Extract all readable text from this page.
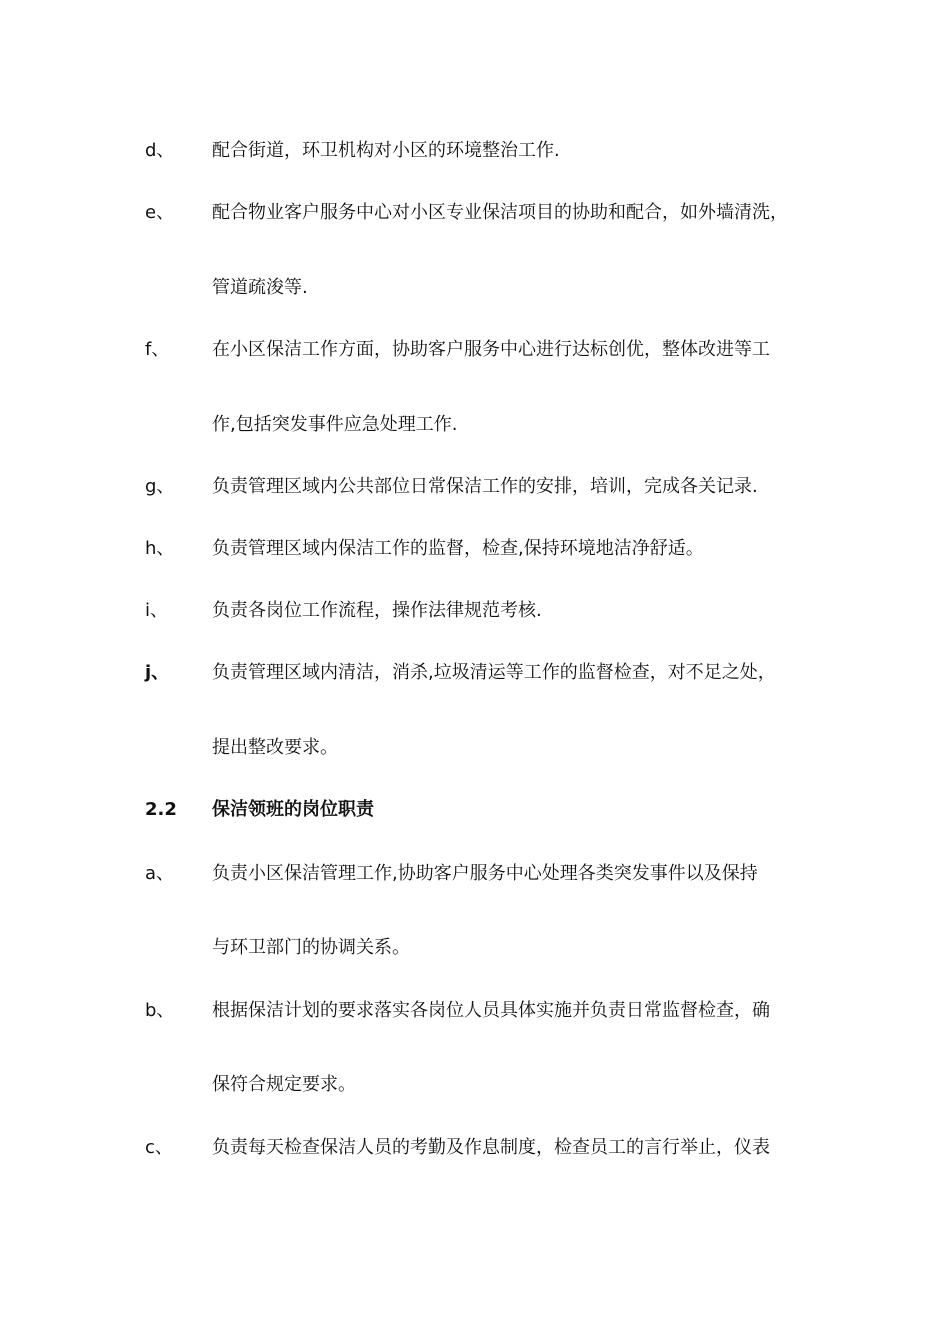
d、 配合街道，环卫机构对小区的环境整治工作.
e、 配合物业客户服务中心对小区专业保洁项目的协助和配合，如外墙清洗，
管道疏浚等.
f、 在小区保洁工作方面，协助客户服务中心进行达标创优，整体改进等工
作,包括突发事件应急处理工作.
g、 负责管理区域内公共部位日常保洁工作的安排，培训，完成各关记录.
h、 负责管理区域内保洁工作的监督，检查,保持环境地洁净舒适。
i、 负责各岗位工作流程，操作法律规范考核.
j、 负责管理区域内清洁，消杀,垃圾清运等工作的监督检查，对不足之处，
提出整改要求。
2.2 保洁领班的岗位职责
a、 负责小区保洁管理工作,协助客户服务中心处理各类突发事件以及保持
与环卫部门的协调关系。
b、 根据保洁计划的要求落实各岗位人员具体实施并负责日常监督检查，确
保符合规定要求。
c、 负责每天检查保洁人员的考勤及作息制度，检查员工的言行举止，仪表
